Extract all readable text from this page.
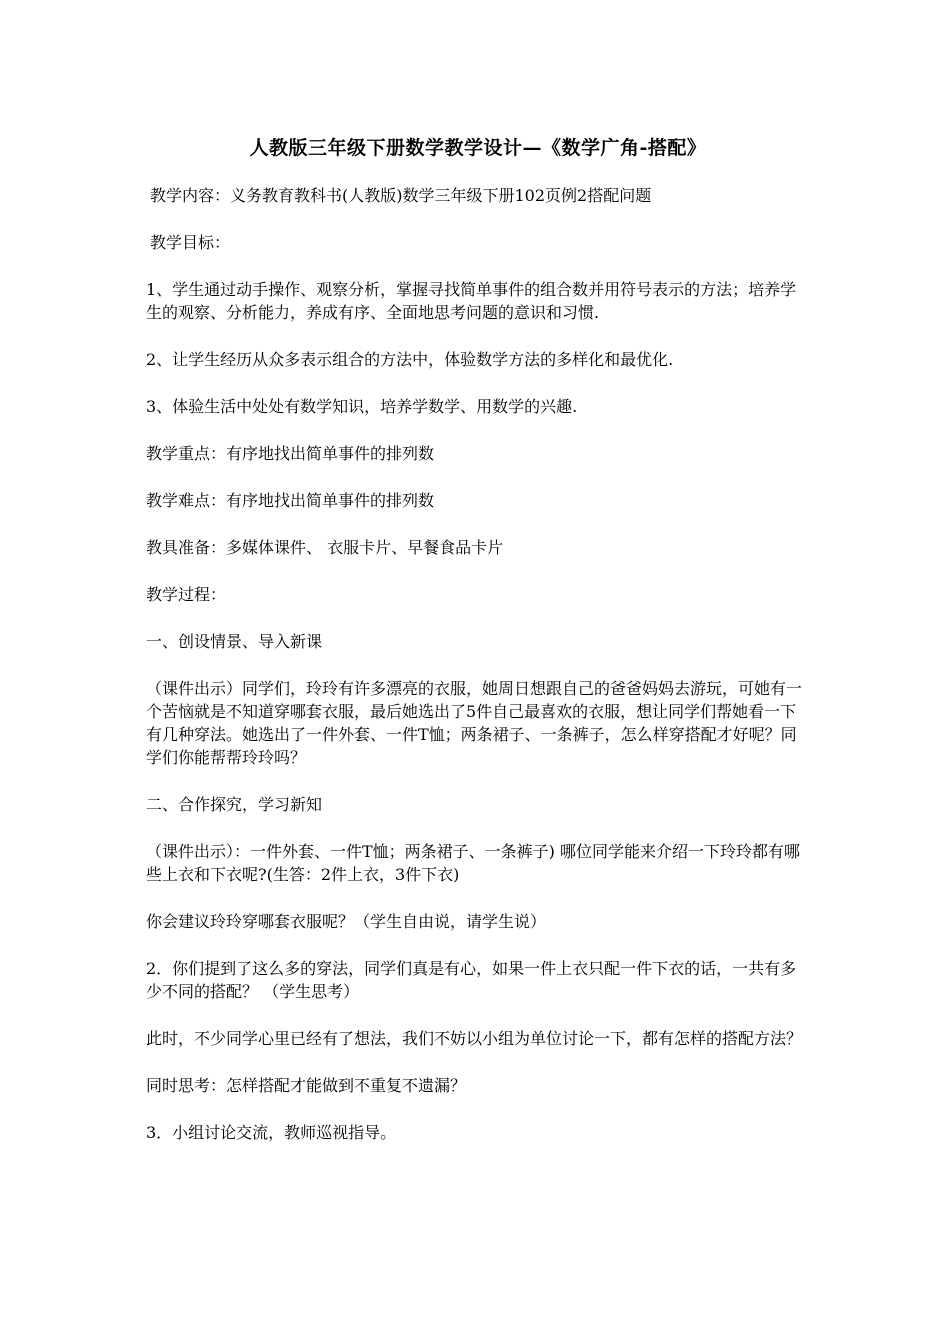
人教版三年级下册数学教学设计—《数学广角-搭配》

教学内容：义务教育教科书(人教版)数学三年级下册102页例2搭配问题

教学目标：

1、学生通过动手操作、观察分析，掌握寻找简单事件的组合数并用符号表示的方法；培养学生的观察、分析能力，养成有序、全面地思考问题的意识和习惯.

2、让学生经历从众多表示组合的方法中，体验数学方法的多样化和最优化.

3、体验生活中处处有数学知识，培养学数学、用数学的兴趣.

教学重点：有序地找出简单事件的排列数

教学难点：有序地找出简单事件的排列数

教具准备：多媒体课件、 衣服卡片、早餐食品卡片

教学过程：

一、创设情景、导入新课

（课件出示）同学们，玲玲有许多漂亮的衣服，她周日想跟自己的爸爸妈妈去游玩，可她有一个苦恼就是不知道穿哪套衣服，最后她选出了5件自己最喜欢的衣服，想让同学们帮她看一下有几种穿法。她选出了一件外套、一件T恤；两条裙子、一条裤子，怎么样穿搭配才好呢？同学们你能帮帮玲玲吗？

二、合作探究，学习新知

（课件出示）：一件外套、一件T恤；两条裙子、一条裤子) 哪位同学能来介绍一下玲玲都有哪些上衣和下衣呢?(生答：2件上衣，3件下衣)

你会建议玲玲穿哪套衣服呢？（学生自由说，请学生说）

2．你们提到了这么多的穿法，同学们真是有心，如果一件上衣只配一件下衣的话，一共有多少不同的搭配？ （学生思考）

此时，不少同学心里已经有了想法，我们不妨以小组为单位讨论一下，都有怎样的搭配方法？

同时思考：怎样搭配才能做到不重复不遗漏？

3．小组讨论交流，教师巡视指导。
